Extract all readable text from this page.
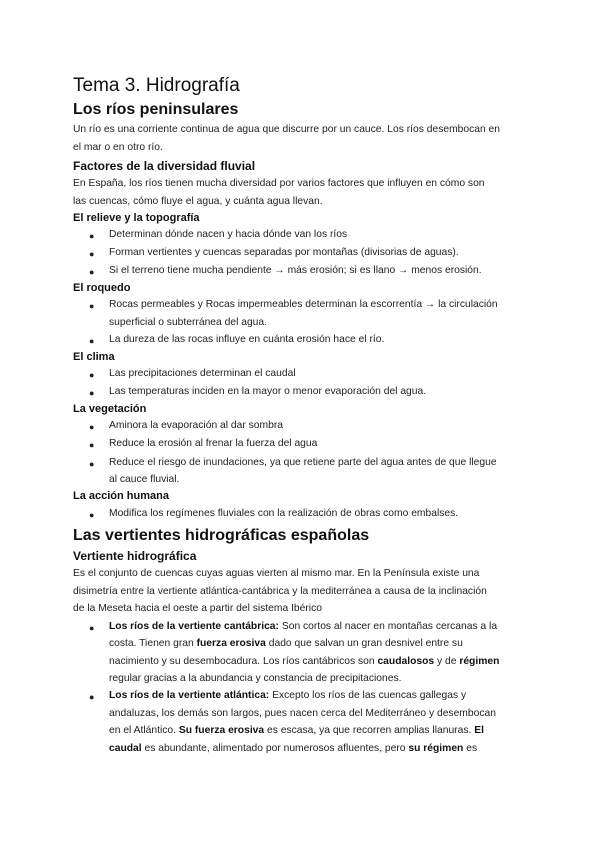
Tema 3. Hidrografía
Los ríos peninsulares
Un río es una corriente continua de agua que discurre por un cauce. Los ríos desembocan en
el mar o en otro río.
Factores de la diversidad fluvial
En España, los ríos tienen mucha diversidad por varios factores que influyen en cómo son
las cuencas, cómo fluye el agua, y cuánta agua llevan.
El relieve y la topografía
● Determinan dónde nacen y hacia dónde van los ríos
● Forman vertientes y cuencas separadas por montañas (divisorias de aguas).
● Si el terreno tiene mucha pendiente → más erosión; si es llano → menos erosión.
El roquedo
● Rocas permeables y Rocas impermeables determinan la escorrentía → la circulación
superficial o subterránea del agua.
● La dureza de las rocas influye en cuánta erosión hace el río.
El clima
● Las precipitaciones determinan el caudal
● Las temperaturas inciden en la mayor o menor evaporación del agua.
La vegetación
● Aminora la evaporación al dar sombra
● Reduce la erosión al frenar la fuerza del agua
● Reduce el riesgo de inundaciones, ya que retiene parte del agua antes de que llegue
al cauce fluvial.
La acción humana
● Modifica los regímenes fluviales con la realización de obras como embalses.
Las vertientes hidrográficas españolas
Vertiente hidrográfica
Es el conjunto de cuencas cuyas aguas vierten al mismo mar. En la Península existe una
disimetría entre la vertiente atlántica-cantábrica y la mediterránea a causa de la inclinación
de la Meseta hacia el oeste a partir del sistema Ibérico
● Los ríos de la vertiente cantábrica: Son cortos al nacer en montañas cercanas a la
costa. Tienen gran fuerza erosiva dado que salvan un gran desnivel entre su
nacimiento y su desembocadura. Los ríos cantábricos son caudalosos y de régimen
regular gracias a la abundancia y constancia de precipitaciones.
● Los ríos de la vertiente atlántica: Excepto los ríos de las cuencas gallegas y
andaluzas, los demás son largos, pues nacen cerca del Mediterráneo y desembocan
en el Atlántico. Su fuerza erosiva es escasa, ya que recorren amplias llanuras. El
caudal es abundante, alimentado por numerosos afluentes, pero su régimen es
